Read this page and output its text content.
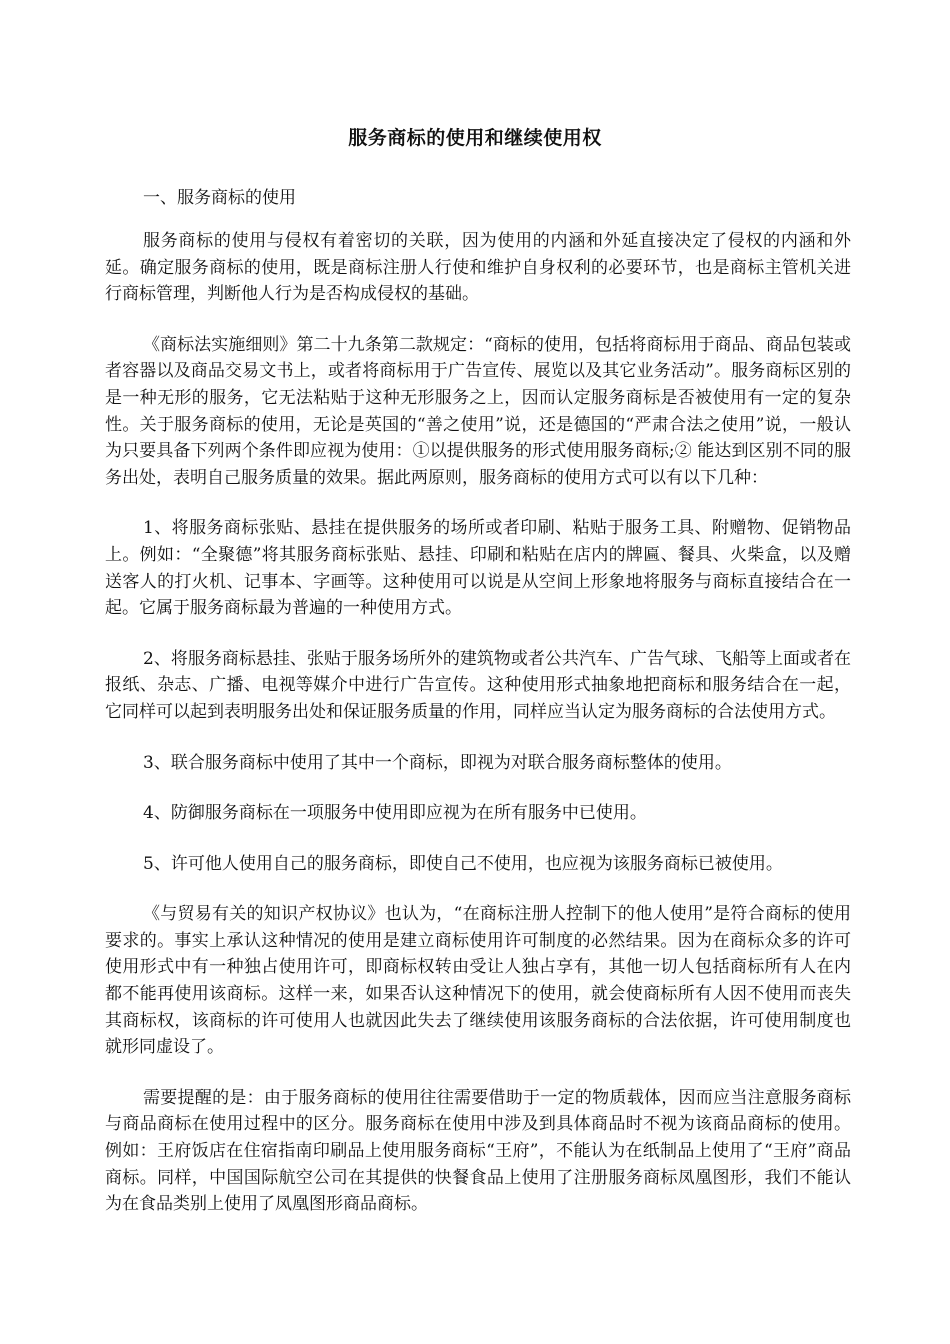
服务商标的使用和继续使用权
一、服务商标的使用

服务商标的使用与侵权有着密切的关联，因为使用的内涵和外延直接决定了侵权的内涵和外延。确定服务商标的使用，既是商标注册人行使和维护自身权利的必要环节，也是商标主管机关进行商标管理，判断他人行为是否构成侵权的基础。

《商标法实施细则》第二十九条第二款规定：“商标的使用，包括将商标用于商品、商品包装或者容器以及商品交易文书上，或者将商标用于广告宣传、展览以及其它业务活动”。服务商标区别的是一种无形的服务，它无法粘贴于这种无形服务之上，因而认定服务商标是否被使用有一定的复杂性。关于服务商标的使用，无论是英国的“善之使用”说，还是德国的“严肃合法之使用”说，一般认为只要具备下列两个条件即应视为使用：①以提供服务的形式使用服务商标;② 能达到区别不同的服务出处，表明自己服务质量的效果。据此两原则，服务商标的使用方式可以有以下几种：

1、将服务商标张贴、悬挂在提供服务的场所或者印刷、粘贴于服务工具、附赠物、促销物品上。例如：“全聚德”将其服务商标张贴、悬挂、印刷和粘贴在店内的牌匾、餐具、火柴盒，以及赠送客人的打火机、记事本、字画等。这种使用可以说是从空间上形象地将服务与商标直接结合在一起。它属于服务商标最为普遍的一种使用方式。

2、将服务商标悬挂、张贴于服务场所外的建筑物或者公共汽车、广告气球、飞船等上面或者在报纸、杂志、广播、电视等媒介中进行广告宣传。这种使用形式抽象地把商标和服务结合在一起，它同样可以起到表明服务出处和保证服务质量的作用，同样应当认定为服务商标的合法使用方式。

3、联合服务商标中使用了其中一个商标，即视为对联合服务商标整体的使用。

4、防御服务商标在一项服务中使用即应视为在所有服务中已使用。

5、许可他人使用自己的服务商标，即使自己不使用，也应视为该服务商标已被使用。

《与贸易有关的知识产权协议》也认为，“在商标注册人控制下的他人使用”是符合商标的使用要求的。事实上承认这种情况的使用是建立商标使用许可制度的必然结果。因为在商标众多的许可使用形式中有一种独占使用许可，即商标权转由受让人独占享有，其他一切人包括商标所有人在内都不能再使用该商标。这样一来，如果否认这种情况下的使用，就会使商标所有人因不使用而丧失其商标权，该商标的许可使用人也就因此失去了继续使用该服务商标的合法依据，许可使用制度也就形同虚设了。

需要提醒的是：由于服务商标的使用往往需要借助于一定的物质载体，因而应当注意服务商标与商品商标在使用过程中的区分。服务商标在使用中涉及到具体商品时不视为该商品商标的使用。例如：王府饭店在住宿指南印刷品上使用服务商标“王府”，不能认为在纸制品上使用了“王府”商品商标。同样，中国国际航空公司在其提供的快餐食品上使用了注册服务商标凤凰图形，我们不能认为在食品类别上使用了凤凰图形商品商标。
